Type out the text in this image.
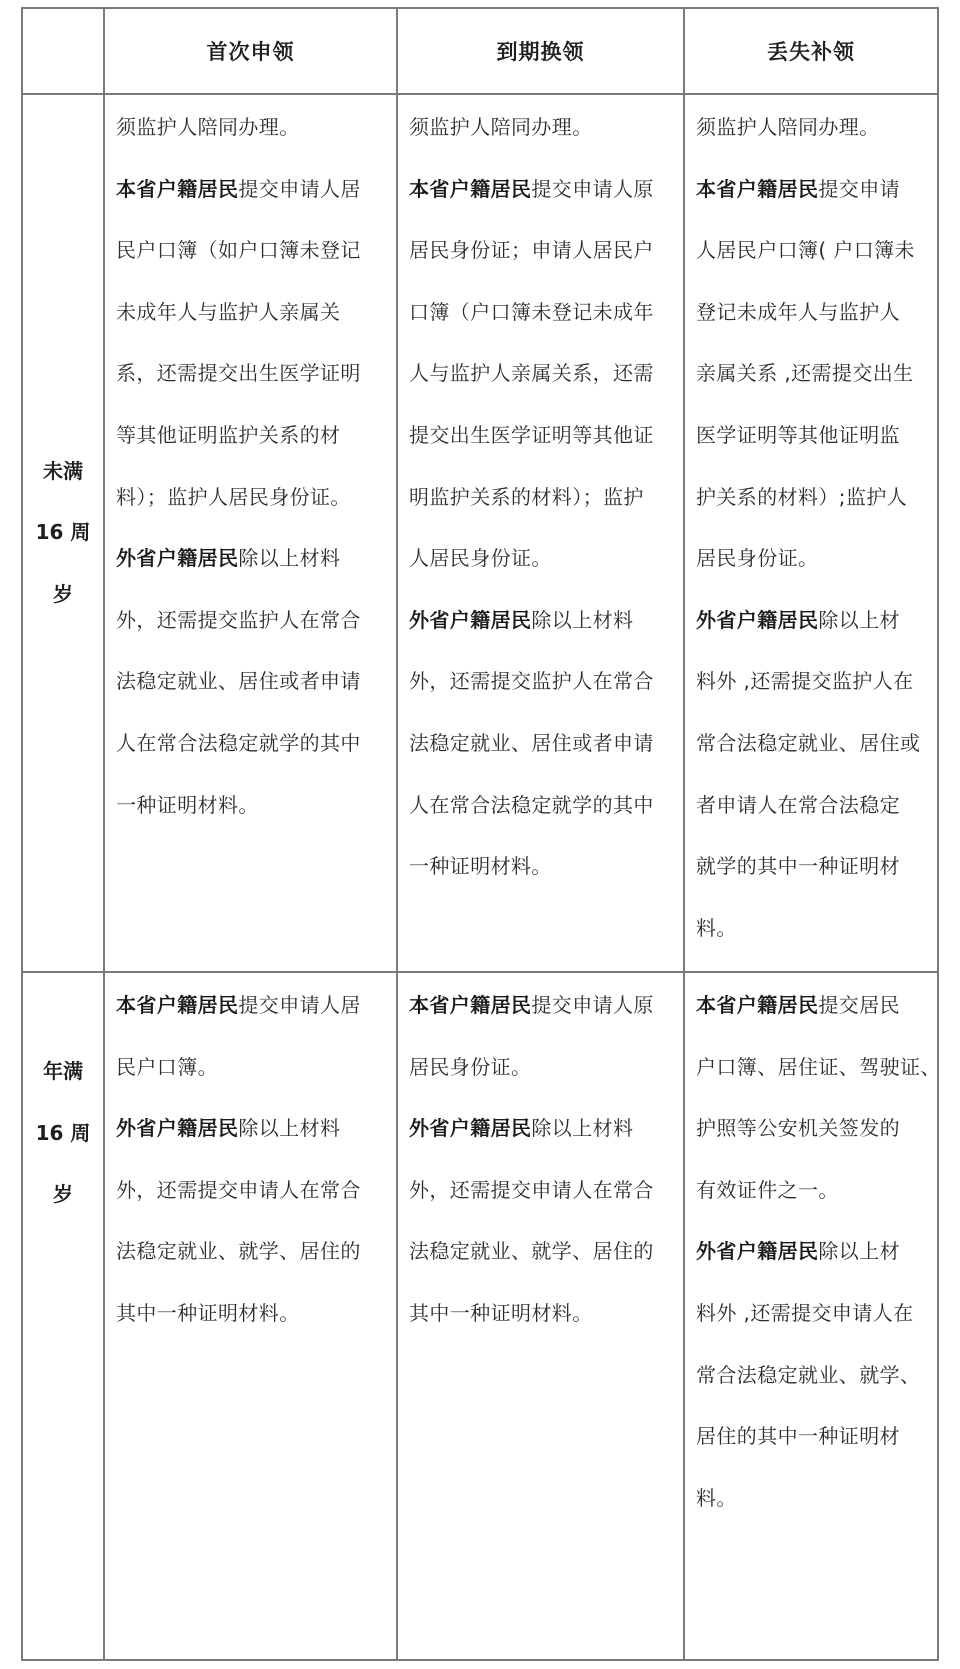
首次申领	到期换领	丢失补领
未满
16 周
岁
年满
16 周
岁
须监护人陪同办理。
本省户籍居民提交申请人居
民户口簿（如户口簿未登记
未成年人与监护人亲属关
系，还需提交出生医学证明
等其他证明监护关系的材
料）；监护人居民身份证。
外省户籍居民除以上材料
外，还需提交监护人在常合
法稳定就业、居住或者申请
人在常合法稳定就学的其中
一种证明材料。
须监护人陪同办理。
本省户籍居民提交申请人原
居民身份证；申请人居民户
口簿（户口簿未登记未成年
人与监护人亲属关系，还需
提交出生医学证明等其他证
明监护关系的材料）；监护
人居民身份证。
外省户籍居民除以上材料
外，还需提交监护人在常合
法稳定就业、居住或者申请
人在常合法稳定就学的其中
一种证明材料。
须监护人陪同办理。
本省户籍居民提交申请
人居民户口簿( 户口簿未
登记未成年人与监护人
亲属关系 ,还需提交出生
医学证明等其他证明监
护关系的材料）;监护人
居民身份证。
外省户籍居民除以上材
料外 ,还需提交监护人在
常合法稳定就业、居住或
者申请人在常合法稳定
就学的其中一种证明材
料。
本省户籍居民提交申请人居
民户口簿。
外省户籍居民除以上材料
外，还需提交申请人在常合
法稳定就业、就学、居住的
其中一种证明材料。
本省户籍居民提交申请人原
居民身份证。
外省户籍居民除以上材料
外，还需提交申请人在常合
法稳定就业、就学、居住的
其中一种证明材料。
本省户籍居民提交居民
户口簿、居住证、驾驶证、
护照等公安机关签发的
有效证件之一。
外省户籍居民除以上材
料外 ,还需提交申请人在
常合法稳定就业、就学、
居住的其中一种证明材
料。
